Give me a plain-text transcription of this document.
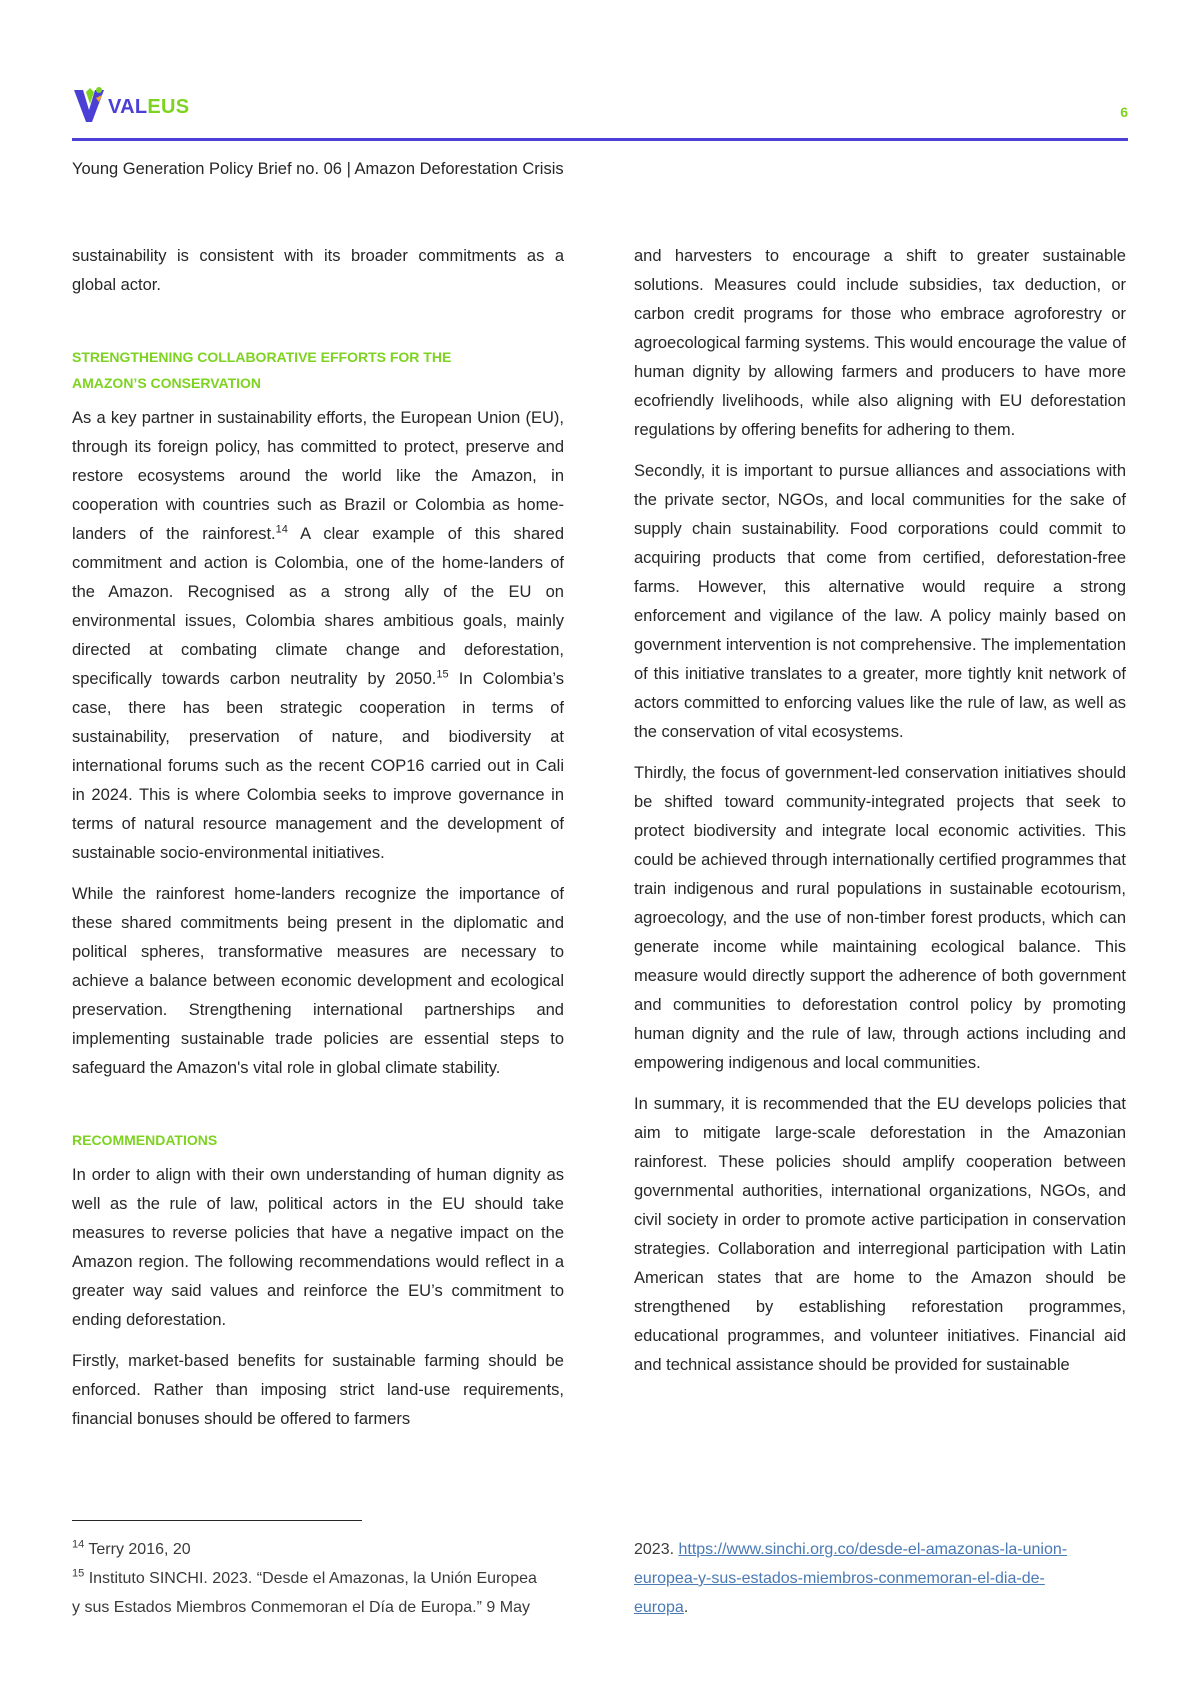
VALEUS	6
Young Generation Policy Brief no. 06 | Amazon Deforestation Crisis

sustainability is consistent with its broader commitments as a global actor.

STRENGTHENING COLLABORATIVE EFFORTS FOR THE
AMAZON’S CONSERVATION

As a key partner in sustainability efforts, the European Union (EU), through its foreign policy, has committed to protect, preserve and restore ecosystems around the world like the Amazon, in cooperation with countries such as Brazil or Colombia as home-landers of the rainforest.$^{14}$ A clear example of this shared commitment and action is Colombia, one of the home-landers of the Amazon. Recognised as a strong ally of the EU on environmental issues, Colombia shares ambitious goals, mainly directed at combating climate change and deforestation, specifically towards carbon neutrality by 2050.15 In Colombia’s case, there has been strategic cooperation in terms of sustainability, preservation of nature, and biodiversity at international forums such as the recent COP16 carried out in Cali in 2024. This is where Colombia seeks to improve governance in terms of natural resource management and the development of sustainable socio-environmental initiatives.

While the rainforest home-landers recognize the importance of these shared commitments being present in the diplomatic and political spheres, transformative measures are necessary to achieve a balance between economic development and ecological preservation. Strengthening international partnerships and implementing sustainable trade policies are essential steps to safeguard the Amazon's vital role in global climate stability.

RECOMMENDATIONS

In order to align with their own understanding of human dignity as well as the rule of law, political actors in the EU should take measures to reverse policies that have a negative impact on the Amazon region. The following recommendations would reflect in a greater way said values and reinforce the EU’s commitment to ending deforestation.

Firstly, market-based benefits for sustainable farming should be enforced. Rather than imposing strict land-use requirements, financial bonuses should be offered to farmers

and harvesters to encourage a shift to greater sustainable solutions. Measures could include subsidies, tax deduction, or carbon credit programs for those who embrace agroforestry or agroecological farming systems. This would encourage the value of human dignity by allowing farmers and producers to have more ecofriendly livelihoods, while also aligning with EU deforestation regulations by offering benefits for adhering to them.

Secondly, it is important to pursue alliances and associations with the private sector, NGOs, and local communities for the sake of supply chain sustainability. Food corporations could commit to acquiring products that come from certified, deforestation-free farms. However, this alternative would require a strong enforcement and vigilance of the law. A policy mainly based on government intervention is not comprehensive. The implementation of this initiative translates to a greater, more tightly knit network of actors committed to enforcing values like the rule of law, as well as the conservation of vital ecosystems.

Thirdly, the focus of government-led conservation initiatives should be shifted toward community-integrated projects that seek to protect biodiversity and integrate local economic activities. This could be achieved through internationally certified programmes that train indigenous and rural populations in sustainable ecotourism, agroecology, and the use of non-timber forest products, which can generate income while maintaining ecological balance. This measure would directly support the adherence of both government and communities to deforestation control policy by promoting human dignity and the rule of law, through actions including and empowering indigenous and local communities.

In summary, it is recommended that the EU develops policies that aim to mitigate large-scale deforestation in the Amazonian rainforest. These policies should amplify cooperation between governmental authorities, international organizations, NGOs, and civil society in order to promote active participation in conservation strategies. Collaboration and interregional participation with Latin American states that are home to the Amazon should be strengthened by establishing reforestation programmes, educational programmes, and volunteer initiatives. Financial aid and technical assistance should be provided for sustainable

$^{14}$ Terry 2016, 20
$^{15}$ Instituto SINCHI. 2023. “Desde el Amazonas, la Unión Europea
y sus Estados Miembros Conmemoran el Día de Europa.” 9 May
2023. https://www.sinchi.org.co/desde-el-amazonas-la-union-
europea-y-sus-estados-miembros-conmemoran-el-dia-de-
europa.
